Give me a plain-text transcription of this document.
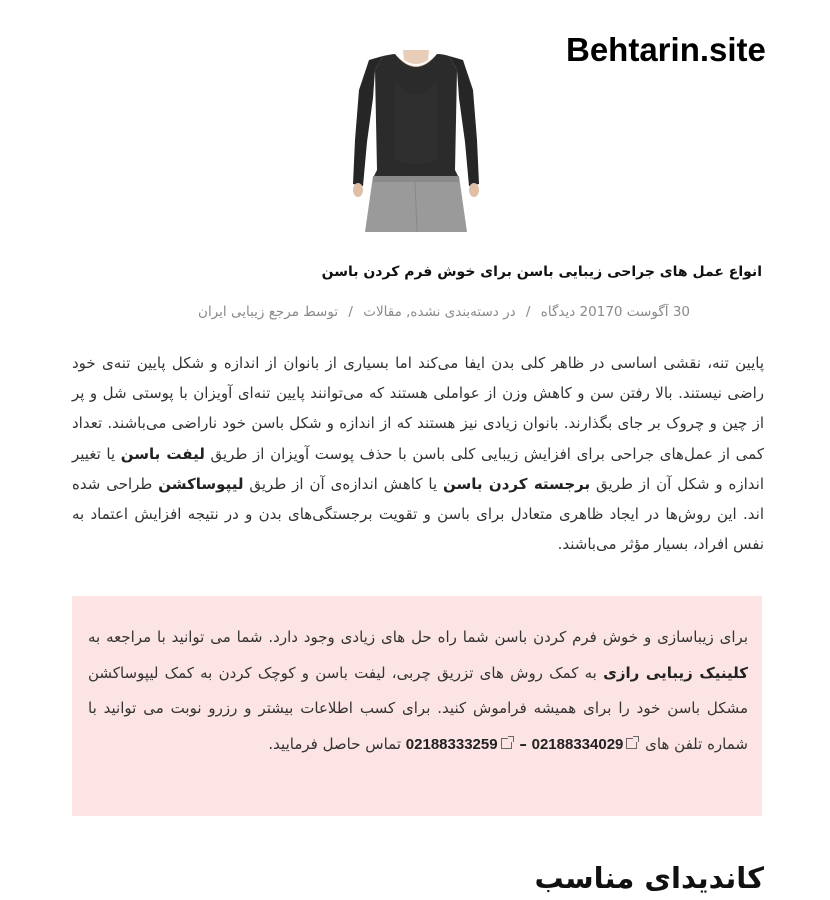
Behtarin.site
انواع عمل های جراحی زیبایی باسن برای خوش فرم کردن باسن
30 آگوست 20170 دیدگاه / در دسته‌بندی نشده, مقالات / توسط مرجع زیبایی ایران
پایین تنه، نقشی اساسی در ظاهر کلی بدن ایفا می‌کند اما بسیاری از بانوان از اندازه و شکل پایین تنه‌ی خود راضی نیستند. بالا رفتن سن و کاهش وزن از عواملی هستند که می‌توانند پایین تنه‌ای آویزان با پوستی شل و پر از چین و چروک بر جای بگذارند. بانوان زیادی نیز هستند که از اندازه و شکل باسن خود ناراضی می‌باشند. تعداد کمی از عمل‌های جراحی برای افزایش زیبایی کلی باسن با حذف پوست آویزان از طریق لیفت باسن یا تغییر اندازه و شکل آن از طریق برجسته کردن باسن یا کاهش اندازه‌ی آن از طریق لیپوساکشن طراحی شده اند. این روش‌ها در ایجاد ظاهری متعادل برای باسن و تقویت برجستگی‌های بدن و در نتیجه افزایش اعتماد به نفس افراد، بسیار مؤثر می‌باشند.
برای زیباسازی و خوش فرم کردن باسن شما راه حل های زیادی وجود دارد. شما می توانید با مراجعه به کلینیک زیبایی رازی به کمک روش های تزریق چربی، لیفت باسن و کوچک کردن به کمک لیپوساکشن مشکل باسن خود را برای همیشه فراموش کنید. برای کسب اطلاعات بیشتر و رزرو نوبت می توانید با شماره تلفن های 02188334029 – 02188333259 تماس حاصل فرمایید.
کاندیدای مناسب
